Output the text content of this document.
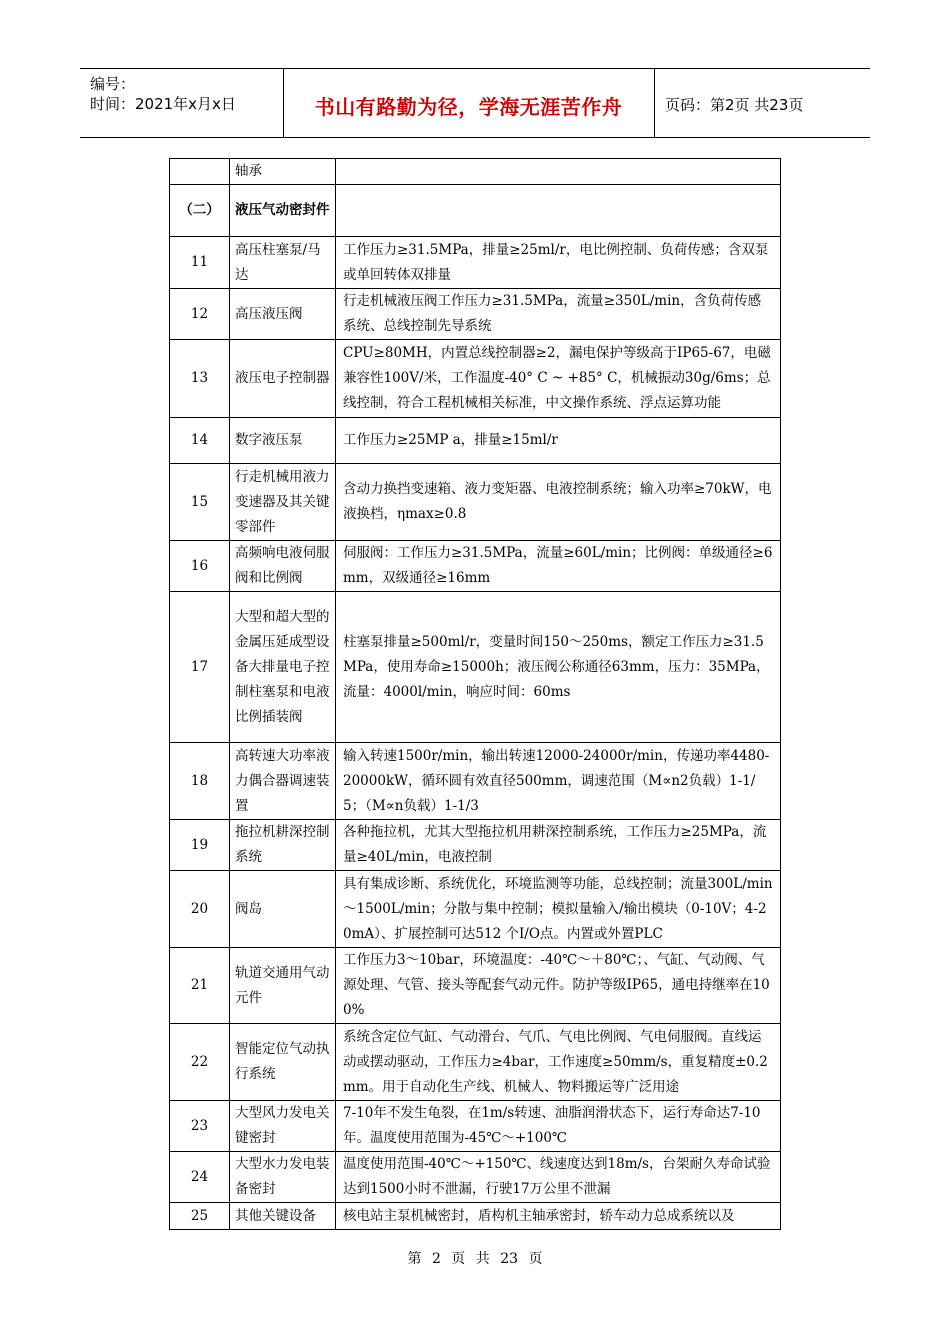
编号：
时间：2021年x月x日	书山有路勤为径，学海无涯苦作舟	页码：第2页 共23页
	轴承	
（二）	液压气动密封件	
11	高压柱塞泵/马达	工作压力≥31.5MPa，排量≥25ml/r，电比例控制、负荷传感；含双泵或单回转体双排量
12	高压液压阀	行走机械液压阀工作压力≥31.5MPa，流量≥350L/min，含负荷传感系统、总线控制先导系统
13	液压电子控制器	CPU≥80MH，内置总线控制器≥2，漏电保护等级高于IP65-67，电磁兼容性100V/米，工作温度-40° C ~ +85° C，机械振动30g/6ms；总线控制，符合工程机械相关标准，中文操作系统、浮点运算功能
14	数字液压泵	工作压力≥25MP a，排量≥15ml/r
15	行走机械用液力变速器及其关键零部件	含动力换挡变速箱、液力变矩器、电液控制系统；输入功率≥70kW，电液换档，ηmax≥0.8
16	高频响电液伺服阀和比例阀	伺服阀：工作压力≥31.5MPa，流量≥60L/min；比例阀：单级通径≥6mm，双级通径≥16mm
17	大型和超大型的金属压延成型设备大排量电子控制柱塞泵和电液比例插装阀	柱塞泵排量≥500ml/r，变量时间150～250ms，额定工作压力≥31.5MPa，使用寿命≥15000h；液压阀公称通径63mm，压力：35MPa，流量：4000l/min，响应时间：60ms
18	高转速大功率液力偶合器调速装置	输入转速1500r/min，输出转速12000-24000r/min，传递功率4480-20000kW，循环圆有效直径500mm，调速范围（M∝n2负载）1-1/5；（M∝n负载）1-1/3
19	拖拉机耕深控制系统	各种拖拉机，尤其大型拖拉机用耕深控制系统，工作压力≥25MPa，流量≥40L/min，电液控制
20	阀岛	具有集成诊断、系统优化，环境监测等功能，总线控制；流量300L/min～1500L/min；分散与集中控制；模拟量输入/输出模块（0-10V；4-20mA）、扩展控制可达512 个I/O点。内置或外置PLC
21	轨道交通用气动元件	工作压力3～10bar，环境温度：-40℃～＋80℃；、气缸、气动阀、气源处理、气管、接头等配套气动元件。防护等级IP65，通电持继率在100%
22	智能定位气动执行系统	系统含定位气缸、气动滑台、气爪、气电比例阀、气电伺服阀。直线运动或摆动驱动，工作压力≥4bar，工作速度≥50mm/s，重复精度±0.2mm。用于自动化生产线、机械人、物料搬运等广泛用途
23	大型风力发电关键密封	7-10年不发生龟裂，在1m/s转速、油脂润滑状态下，运行寿命达7-10年。温度使用范围为-45℃～+100℃
24	大型水力发电装备密封	温度使用范围-40℃～+150℃、线速度达到18m/s，台架耐久寿命试验达到1500小时不泄漏，行驶17万公里不泄漏
25	其他关键设备	核电站主泵机械密封，盾构机主轴承密封，轿车动力总成系统以及
第 2 页 共 23 页
